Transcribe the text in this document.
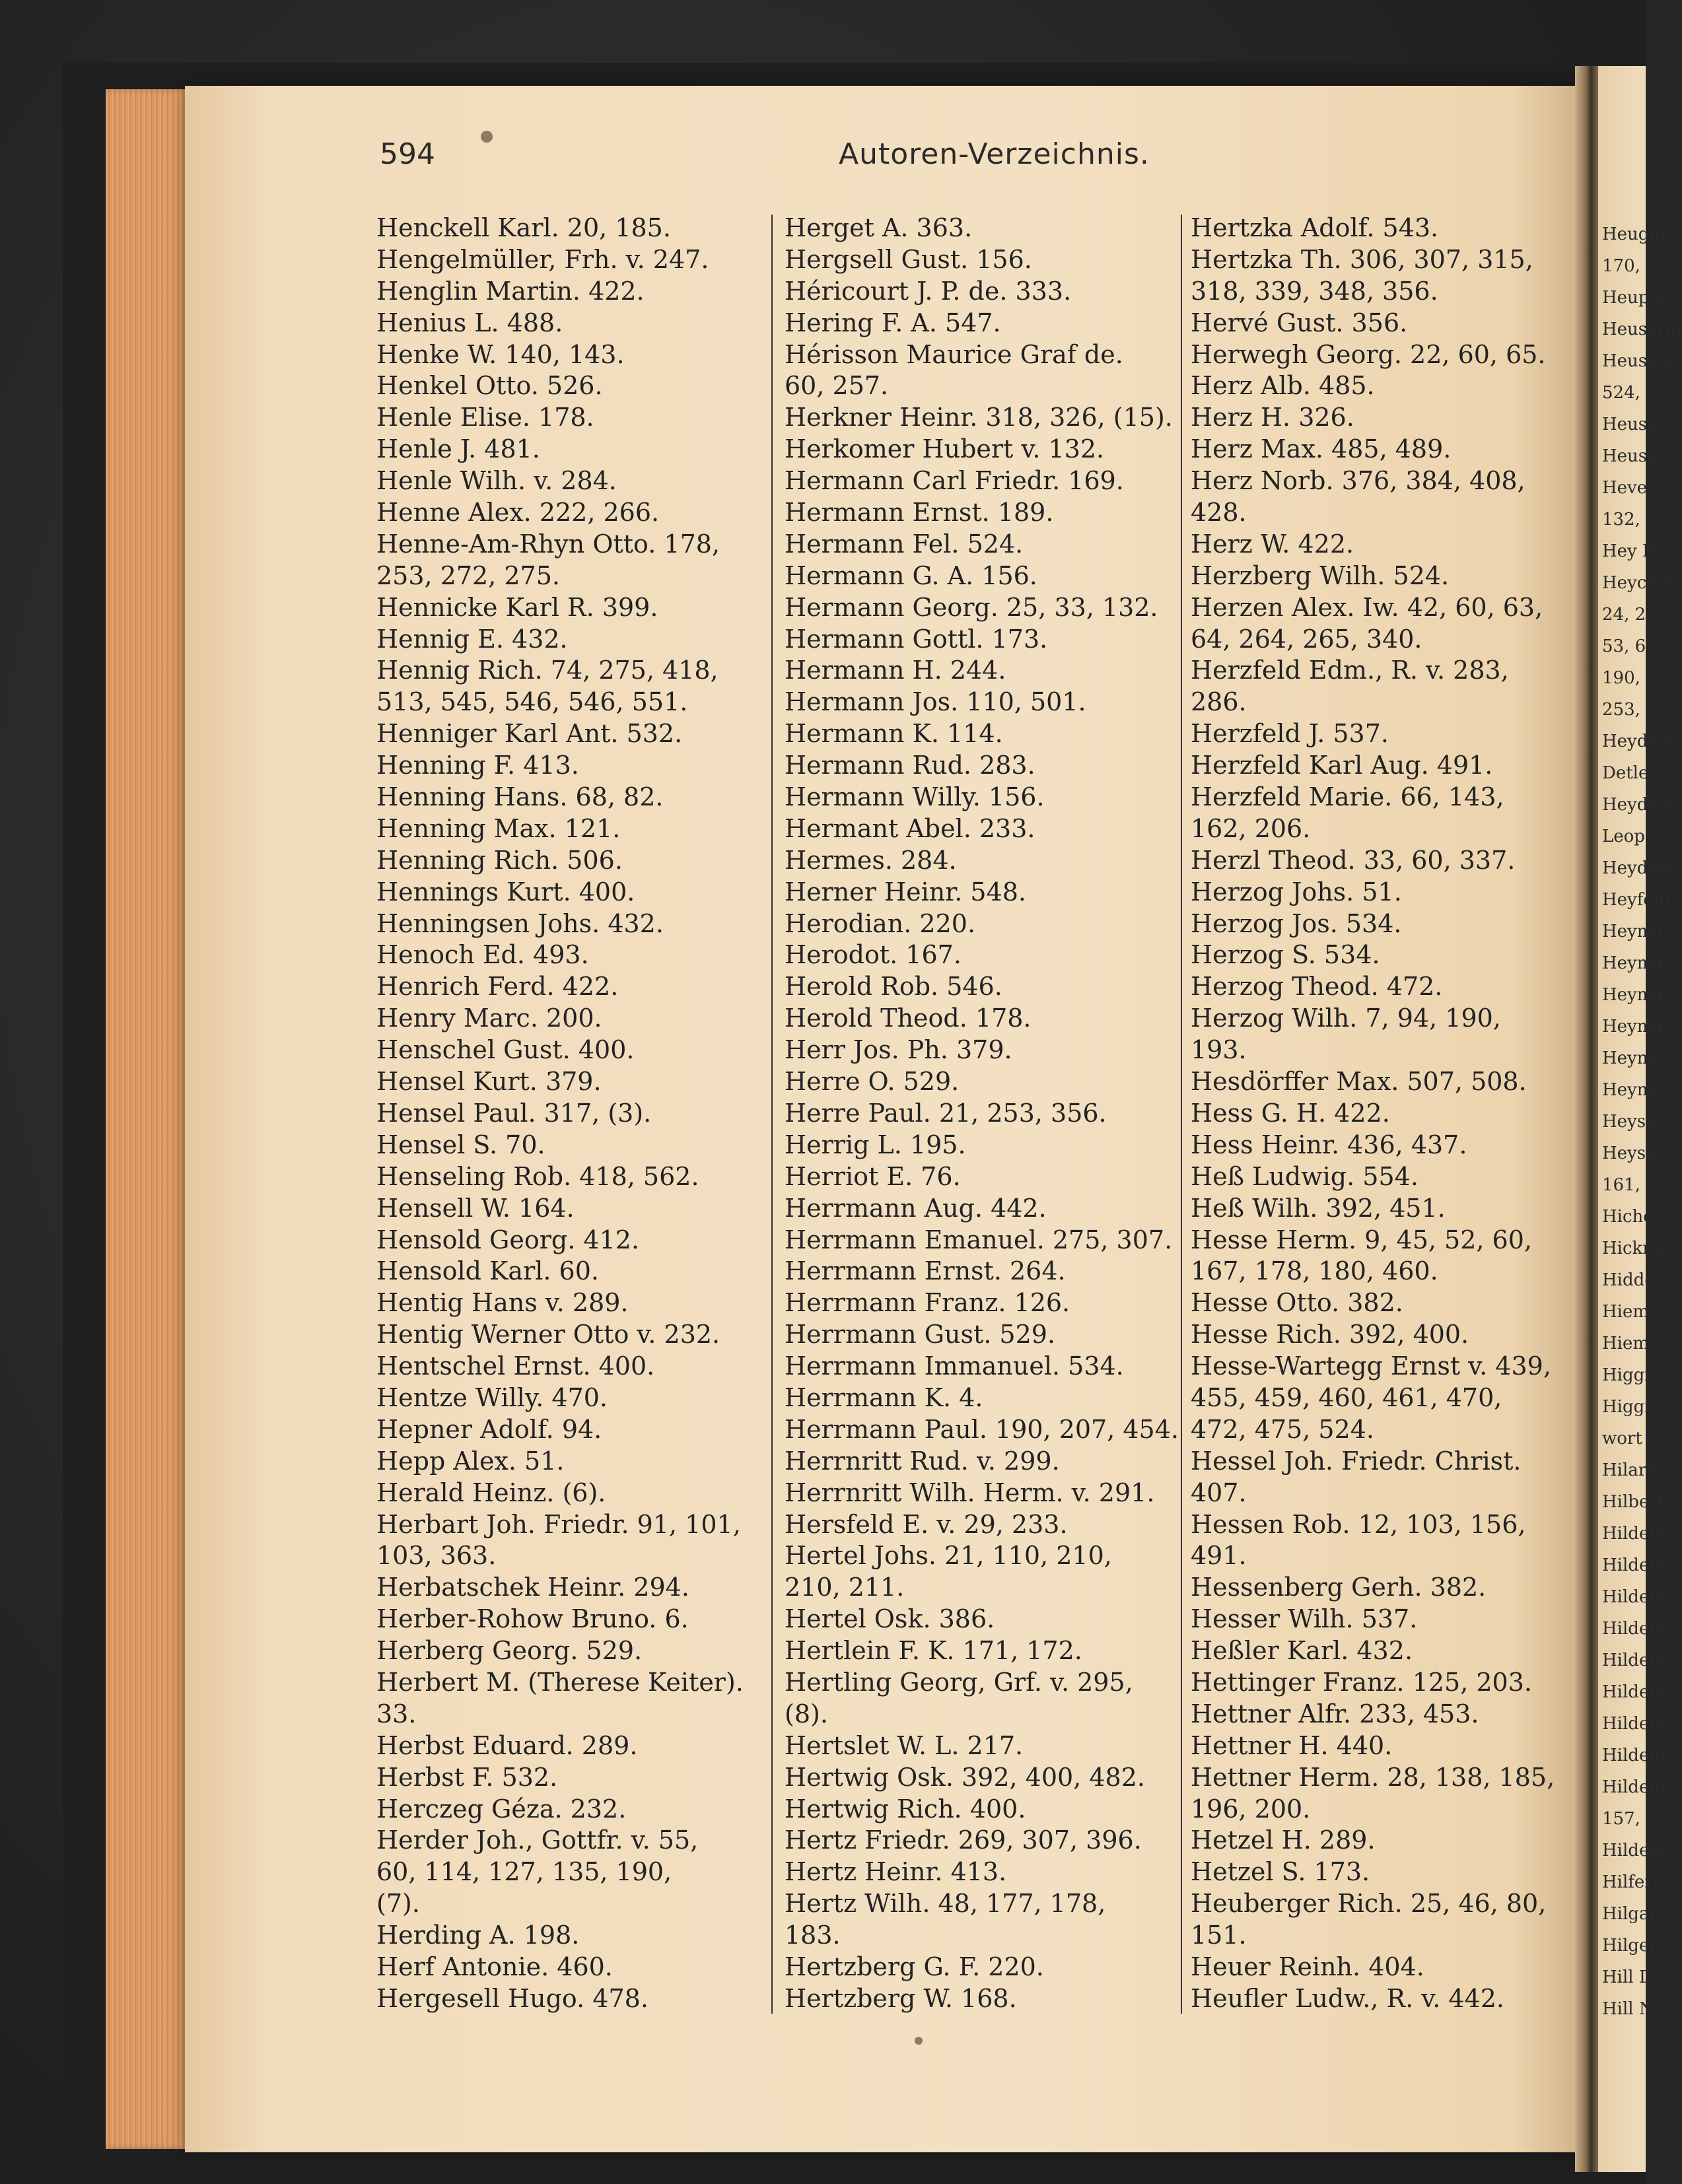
Heuglin
170,
Heupel-
Heuserm
Heusing
524,
Heusler
Heusler
Hevesi L
132,
Hey Pa
Heyck E
24, 2
53, 6
190,
253,
Heydebr
Detle
Heydebr
Leop.
Heydem
Heyfeld
Heymar
Heymar
Heymar
Heymar
Heyne
Heyne
Heyse
Heyse
161,
Hichens
Hickma
Hidde
Hiemar
Hiemer
Higgins
Higgins
wort
Hilariu
Hilbert
Hildebr
Hildebr
Hildebr
Hildebr
Hildebr
Hildebr
Hildebr
Hildebr
Hildebr
157,
Hildesl
Hilferd
Hilgar
Hilger
Hill D
Hill N
594	Autoren-Verzeichnis.
Henckell Karl. 20, 185.
Hengelmüller, Frh. v. 247.
Henglin Martin. 422.
Henius L. 488.
Henke W. 140, 143.
Henkel Otto. 526.
Henle Elise. 178.
Henle J. 481.
Henle Wilh. v. 284.
Henne Alex. 222, 266.
Henne-Am-Rhyn Otto. 178,
253, 272, 275.
Hennicke Karl R. 399.
Hennig E. 432.
Hennig Rich. 74, 275, 418,
513, 545, 546, 546, 551.
Henniger Karl Ant. 532.
Henning F. 413.
Henning Hans. 68, 82.
Henning Max. 121.
Henning Rich. 506.
Hennings Kurt. 400.
Henningsen Johs. 432.
Henoch Ed. 493.
Henrich Ferd. 422.
Henry Marc. 200.
Henschel Gust. 400.
Hensel Kurt. 379.
Hensel Paul. 317, (3).
Hensel S. 70.
Henseling Rob. 418, 562.
Hensell W. 164.
Hensold Georg. 412.
Hensold Karl. 60.
Hentig Hans v. 289.
Hentig Werner Otto v. 232.
Hentschel Ernst. 400.
Hentze Willy. 470.
Hepner Adolf. 94.
Hepp Alex. 51.
Herald Heinz. (6).
Herbart Joh. Friedr. 91, 101,
103, 363.
Herbatschek Heinr. 294.
Herber-Rohow Bruno. 6.
Herberg Georg. 529.
Herbert M. (Therese Keiter).
33.
Herbst Eduard. 289.
Herbst F. 532.
Herczeg Géza. 232.
Herder Joh., Gottfr. v. 55,
60, 114, 127, 135, 190,
(7).
Herding A. 198.
Herf Antonie. 460.
Hergesell Hugo. 478.
Herget A. 363.
Hergsell Gust. 156.
Héricourt J. P. de. 333.
Hering F. A. 547.
Hérisson Maurice Graf de.
60, 257.
Herkner Heinr. 318, 326, (15).
Herkomer Hubert v. 132.
Hermann Carl Friedr. 169.
Hermann Ernst. 189.
Hermann Fel. 524.
Hermann G. A. 156.
Hermann Georg. 25, 33, 132.
Hermann Gottl. 173.
Hermann H. 244.
Hermann Jos. 110, 501.
Hermann K. 114.
Hermann Rud. 283.
Hermann Willy. 156.
Hermant Abel. 233.
Hermes. 284.
Herner Heinr. 548.
Herodian. 220.
Herodot. 167.
Herold Rob. 546.
Herold Theod. 178.
Herr Jos. Ph. 379.
Herre O. 529.
Herre Paul. 21, 253, 356.
Herrig L. 195.
Herriot E. 76.
Herrmann Aug. 442.
Herrmann Emanuel. 275, 307.
Herrmann Ernst. 264.
Herrmann Franz. 126.
Herrmann Gust. 529.
Herrmann Immanuel. 534.
Herrmann K. 4.
Herrmann Paul. 190, 207, 454.
Herrnritt Rud. v. 299.
Herrnritt Wilh. Herm. v. 291.
Hersfeld E. v. 29, 233.
Hertel Johs. 21, 110, 210,
210, 211.
Hertel Osk. 386.
Hertlein F. K. 171, 172.
Hertling Georg, Grf. v. 295,
(8).
Hertslet W. L. 217.
Hertwig Osk. 392, 400, 482.
Hertwig Rich. 400.
Hertz Friedr. 269, 307, 396.
Hertz Heinr. 413.
Hertz Wilh. 48, 177, 178,
183.
Hertzberg G. F. 220.
Hertzberg W. 168.
Hertzka Adolf. 543.
Hertzka Th. 306, 307, 315,
318, 339, 348, 356.
Hervé Gust. 356.
Herwegh Georg. 22, 60, 65.
Herz Alb. 485.
Herz H. 326.
Herz Max. 485, 489.
Herz Norb. 376, 384, 408,
428.
Herz W. 422.
Herzberg Wilh. 524.
Herzen Alex. Iw. 42, 60, 63,
64, 264, 265, 340.
Herzfeld Edm., R. v. 283,
286.
Herzfeld J. 537.
Herzfeld Karl Aug. 491.
Herzfeld Marie. 66, 143,
162, 206.
Herzl Theod. 33, 60, 337.
Herzog Johs. 51.
Herzog Jos. 534.
Herzog S. 534.
Herzog Theod. 472.
Herzog Wilh. 7, 94, 190,
193.
Hesdörffer Max. 507, 508.
Hess G. H. 422.
Hess Heinr. 436, 437.
Heß Ludwig. 554.
Heß Wilh. 392, 451.
Hesse Herm. 9, 45, 52, 60,
167, 178, 180, 460.
Hesse Otto. 382.
Hesse Rich. 392, 400.
Hesse-Wartegg Ernst v. 439,
455, 459, 460, 461, 470,
472, 475, 524.
Hessel Joh. Friedr. Christ.
407.
Hessen Rob. 12, 103, 156,
491.
Hessenberg Gerh. 382.
Hesser Wilh. 537.
Heßler Karl. 432.
Hettinger Franz. 125, 203.
Hettner Alfr. 233, 453.
Hettner H. 440.
Hettner Herm. 28, 138, 185,
196, 200.
Hetzel H. 289.
Hetzel S. 173.
Heuberger Rich. 25, 46, 80,
151.
Heuer Reinh. 404.
Heufler Ludw., R. v. 442.
